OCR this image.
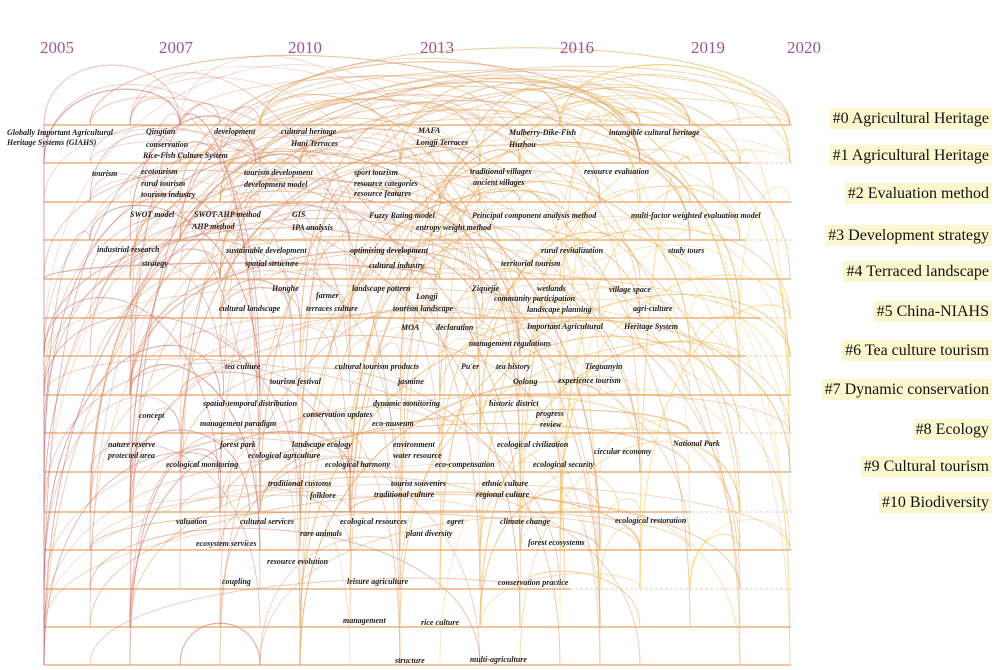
2005	2007	2010	2013	2016	2019	2020
#0 Agricultural Heritage
#1 Agricultural Heritage
#2 Evaluation method
#3 Development strategy
#4 Terraced landscape
#5 China-NIAHS
#6 Tea culture tourism
#7 Dynamic conservation
#8 Ecology
#9 Cultural tourism
#10 Biodiversity
Globally Important Agricultural
Heritage Systems (GIAHS)
Qingtian
conservation
Rice-Fish Culture System
development	cultural heritage
Hani Terraces
MAFA
Longji Terraces
Mulberry-Dike-Fish
Huzhou
intangible cultural heritage
tourism	ecotourism
rural tourism
tourism industry
tourism development
development model
sport tourism
resource categories
resource features
traditional villages
ancient villages
resource evaluation
SWOT model SWOT-AHP method
AHP method
GIS
IPA analysis
Fuzzy Rating model
entropy weight method
Principal component analysis method	multi-factor weighted evaluation model
industrial research
strategy
sustainable development
spatial structure
optimising development
cultural industry
rural revitalization
territorial tourism
study tours
Honghe
farmer
landscape pattern
Longji
Ziquejie	wetlands	village space
cultural landscape	terraces culture	tourism landscape
community participation
landscape planning	agri-culture
MOA declaration	Important Agricultural	Heritage System
management regulations
tea culture	cultural tourism products	Pu'er tea history	Tieguanyin
tourism festival	jasmine	Oolong	experience tourism
spatial-temporal distribution	dynamic monitoring	historic district
concept	conservation updates	progress
management paradigm	eco-museum	review
nature reserve	forest park	landscape ecology	environment	ecological civilization	National Park
protected area	ecological agriculture	water resource	circular economy
ecological monitoring	ecological harmony	eco-compensation	ecological security
traditional customs	tourist souvenirs	ethnic culture
folklore	traditional culture	regional culture
valuation	cultural services	ecological resources	egret	climate change	ecological restoration
rare animals	plant diversity
ecosystem services	forest ecosystems
resource evolution
coupling	leisure agriculture	conservation practice
management	rice culture
structure	multi-agriculture
